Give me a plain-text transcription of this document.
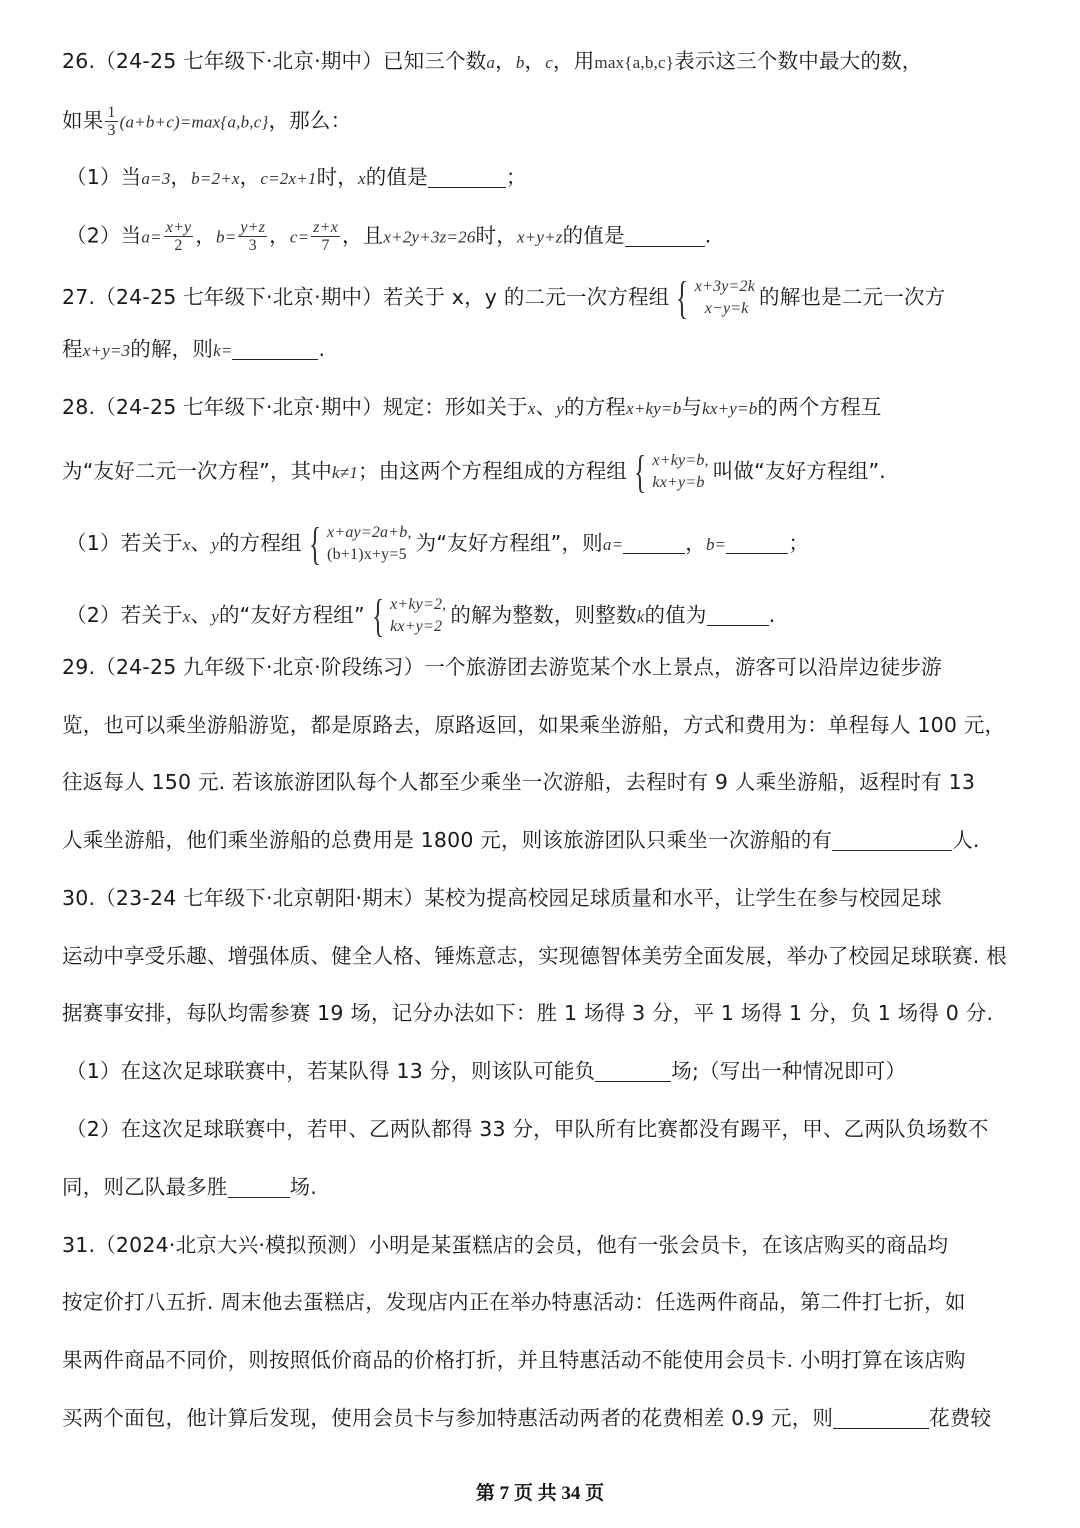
26.（24-25 七年级下·北京·期中）已知三个数a，b，c，用max{a,b,c}表示这三个数中最大的数，
如果 $\frac{1}{3} (a+b+c)=\max\{a,b,c\}$，那么：
（1）当a=3，b=2+x，c=2x+1时，x的值是	；
（2）当$a= \frac{x+y}{2}$ ，$b= \frac{y+z}{3}$ ，$c= \frac{z+x}{7}$ ，且x+2y+3z=26时，x+y+z的值是	.
27.（24-25 七年级下·北京·期中）若关于 x，y 的二元一次方程组 { x+3y=2k
x−y=k 的解也是二元一次方
程x+y=3的解，则k=	.
28.（24-25 七年级下·北京·期中）规定：形如关于x、y的方程x+ky=b与kx+y=b的两个方程互
为“友好二元一次方程”，其中k≠1；由这两个方程组成的方程组 { x+ky=b,
kx+y=b 叫做“友好方程组”.
（1）若关于x、y的方程组 { x+ay=2a+b,
(b+1)x+y=5 为“友好方程组”，则a=	，b=	；
（2）若关于x、y的“友好方程组” { x+ky=2,
kx+y=2 的解为整数，则整数k的值为	.
29.（24-25 九年级下·北京·阶段练习）一个旅游团去游览某个水上景点，游客可以沿岸边徒步游
览，也可以乘坐游船游览，都是原路去，原路返回，如果乘坐游船，方式和费用为：单程每人 100 元，
往返每人 150 元. 若该旅游团队每个人都至少乘坐一次游船，去程时有 9 人乘坐游船，返程时有 13
人乘坐游船，他们乘坐游船的总费用是 1800 元，则该旅游团队只乘坐一次游船的有	人.
30.（23-24 七年级下·北京朝阳·期末）某校为提高校园足球质量和水平，让学生在参与校园足球
运动中享受乐趣、增强体质、健全人格、锤炼意志，实现德智体美劳全面发展，举办了校园足球联赛. 根
据赛事安排，每队均需参赛 19 场，记分办法如下：胜 1 场得 3 分，平 1 场得 1 分，负 1 场得 0 分.
（1）在这次足球联赛中，若某队得 13 分，则该队可能负	场;（写出一种情况即可）
（2）在这次足球联赛中，若甲、乙两队都得 33 分，甲队所有比赛都没有踢平，甲、乙两队负场数不
同，则乙队最多胜	场.
31.（2024·北京大兴·模拟预测）小明是某蛋糕店的会员，他有一张会员卡，在该店购买的商品均
按定价打八五折. 周末他去蛋糕店，发现店内正在举办特惠活动：任选两件商品，第二件打七折，如
果两件商品不同价，则按照低价商品的价格打折，并且特惠活动不能使用会员卡. 小明打算在该店购
买两个面包，他计算后发现，使用会员卡与参加特惠活动两者的花费相差 0.9 元，则	花费较
第 7 页 共 34 页
